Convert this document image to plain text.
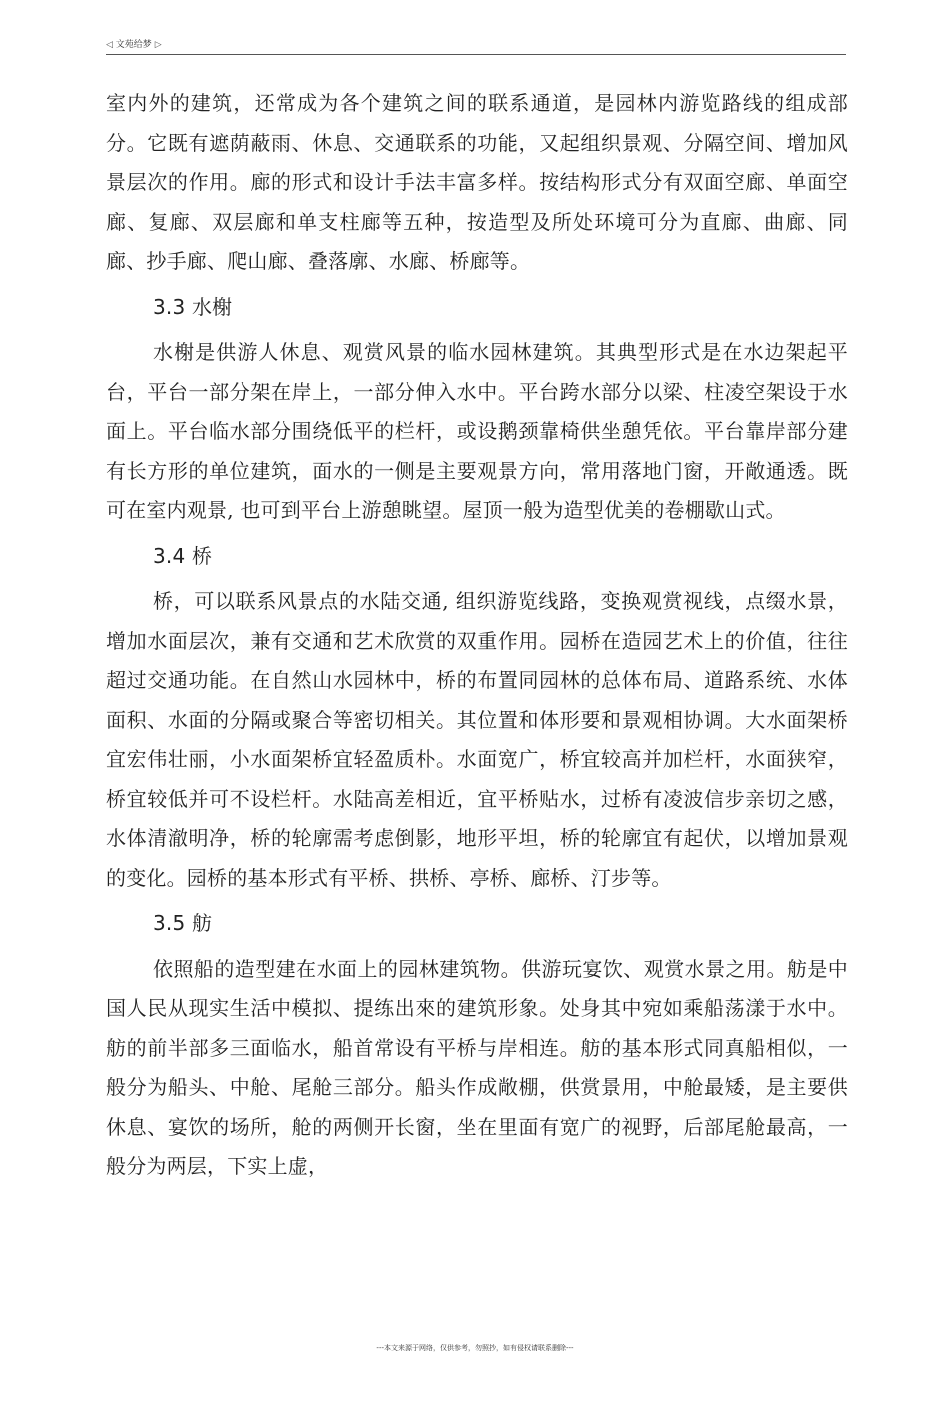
◁ 文苑给梦 ▷

室内外的建筑，还常成为各个建筑之间的联系通道，是园林内游览路线的组成部分。它既有遮荫蔽雨、休息、交通联系的功能，又起组织景观、分隔空间、增加风景层次的作用。廊的形式和设计手法丰富多样。按结构形式分有双面空廊、单面空廊、复廊、双层廊和单支柱廊等五种，按造型及所处环境可分为直廊、曲廊、同廊、抄手廊、爬山廊、叠落廓、水廊、桥廊等。

3.3 水榭

水榭是供游人休息、观赏风景的临水园林建筑。其典型形式是在水边架起平台，平台一部分架在岸上，一部分伸入水中。平台跨水部分以梁、柱凌空架设于水面上。平台临水部分围绕低平的栏杆，或设鹅颈靠椅供坐憩凭依。平台靠岸部分建有长方形的单位建筑，面水的一侧是主要观景方向，常用落地门窗，开敞通透。既可在室内观景, 也可到平台上游憩眺望。屋顶一般为造型优美的卷棚歇山式。

3.4 桥

桥，可以联系风景点的水陆交通, 组织游览线路，变换观赏视线，点缀水景，增加水面层次，兼有交通和艺术欣赏的双重作用。园桥在造园艺术上的价值，往往超过交通功能。在自然山水园林中，桥的布置同园林的总体布局、道路系统、水体面积、水面的分隔或聚合等密切相关。其位置和体形要和景观相协调。大水面架桥宜宏伟壮丽，小水面架桥宜轻盈质朴。水面宽广，桥宜较高并加栏杆，水面狭窄，桥宜较低并可不设栏杆。水陆高差相近，宜平桥贴水，过桥有凌波信步亲切之感，水体清澈明净，桥的轮廓需考虑倒影，地形平坦，桥的轮廓宜有起伏，以增加景观的变化。园桥的基本形式有平桥、拱桥、亭桥、廊桥、汀步等。

3.5 舫

依照船的造型建在水面上的园林建筑物。供游玩宴饮、观赏水景之用。舫是中国人民从现实生活中模拟、提练出來的建筑形象。处身其中宛如乘船荡漾于水中。舫的前半部多三面临水，船首常设有平桥与岸相连。舫的基本形式同真船相似，一般分为船头、中舱、尾舱三部分。船头作成敞棚，供赏景用，中舱最矮，是主要供休息、宴饮的场所，舱的两侧开长窗，坐在里面有宽广的视野，后部尾舱最高，一般分为两层，下实上虚，

---本文来源于网络，仅供参考，勿照抄，如有侵权请联系删除---
